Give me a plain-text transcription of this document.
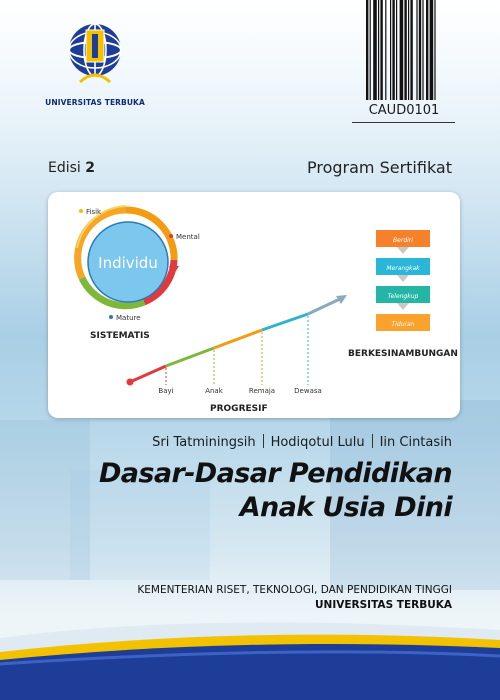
UNIVERSITAS TERBUKA
CAUD0101
Edisi 2	Program Sertifikat
Individu
Fisik
Mental
Mature
SISTEMATIS
Bayi	Anak	Remaja	Dewasa
PROGRESIF
Berdiri
Merangkak
Telengkup
Tiduran
BERKESINAMBUNGAN
Sri Tatminingsih Hodiqotul Lulu Iin Cintasih
Dasar-Dasar Pendidikan
Anak Usia Dini
KEMENTERIAN RISET, TEKNOLOGI, DAN PENDIDIKAN TINGGI
UNIVERSITAS TERBUKA
